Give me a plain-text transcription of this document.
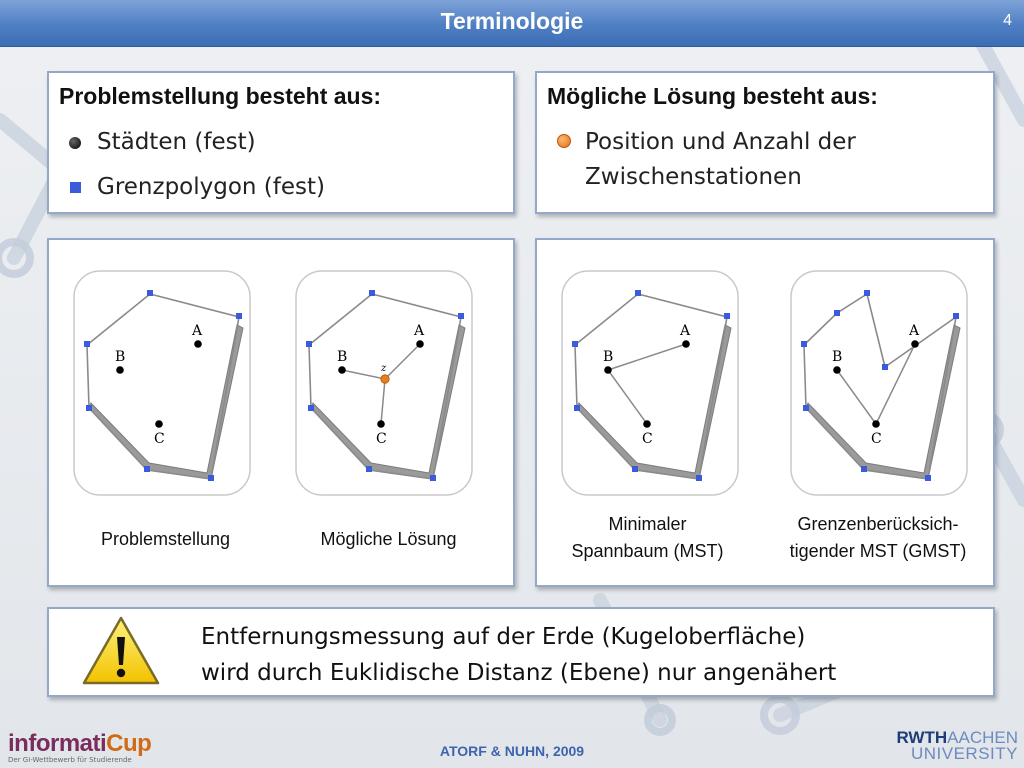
Terminologie	4
Problemstellung besteht aus:
Städten (fest)
Grenzpolygon (fest)
Mögliche Lösung besteht aus:
Position und Anzahl der
Zwischenstationen
A
B
C
Problemstellung
A
B
C
z
Mögliche Lösung
A
B
C
Minimaler
Spannbaum (MST)
A
B
C
Grenzenberücksich-
tigender MST (GMST)
Entfernungsmessung auf der Erde (Kugeloberfläche)
wird durch Euklidische Distanz (Ebene) nur angenähert
informatiCup
Der GI-Wettbewerb für Studierende
ATORF & NUHN, 2009
RWTHAACHEN
UNIVERSITY
